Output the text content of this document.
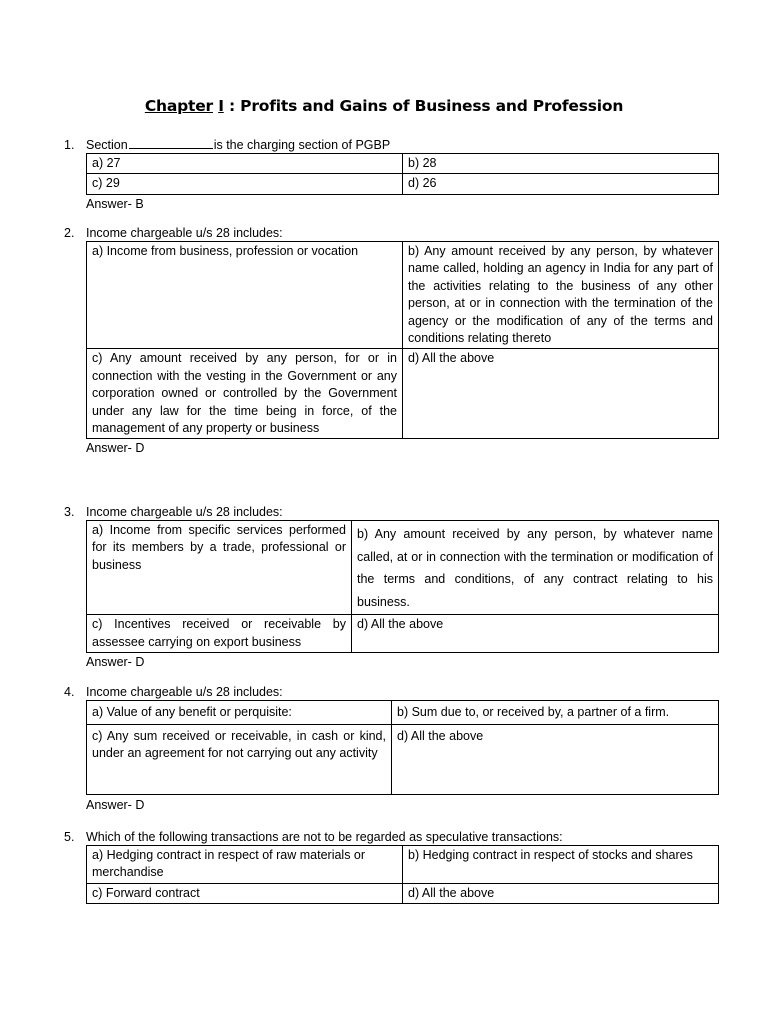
Chapter I : Profits and Gains of Business and Profession
1. Section	is the charging section of PGBP
a) 27	b) 28
c) 29	d) 26
Answer- B
2. Income chargeable u/s 28 includes:
a) Income from business, profession or vocation	b) Any amount received by any person, by whatever name called, holding an agency in India for any part of the activities relating to the business of any other person, at or in connection with the termination of the agency or the modification of any of the terms and conditions relating thereto
c) Any amount received by any person, for or in connection with the vesting in the Government or any corporation owned or controlled by the Government under any law for the time being in force, of the management of any property or business	d) All the above
Answer- D
3. Income chargeable u/s 28 includes:
a) Income from specific services performed for its members by a trade, professional or business	b) Any amount received by any person, by whatever name called, at or in connection with the termination or modification of the terms and conditions, of any contract relating to his business.
c) Incentives received or receivable by assessee carrying on export business	d) All the above
Answer- D
4. Income chargeable u/s 28 includes:
a) Value of any benefit or perquisite:	b) Sum due to, or received by, a partner of a firm.
c) Any sum received or receivable, in cash or kind, under an agreement for not carrying out any activity	d) All the above
Answer- D
5. Which of the following transactions are not to be regarded as speculative transactions:
a) Hedging contract in respect of raw materials or merchandise	b) Hedging contract in respect of stocks and shares
c) Forward contract	d) All the above
